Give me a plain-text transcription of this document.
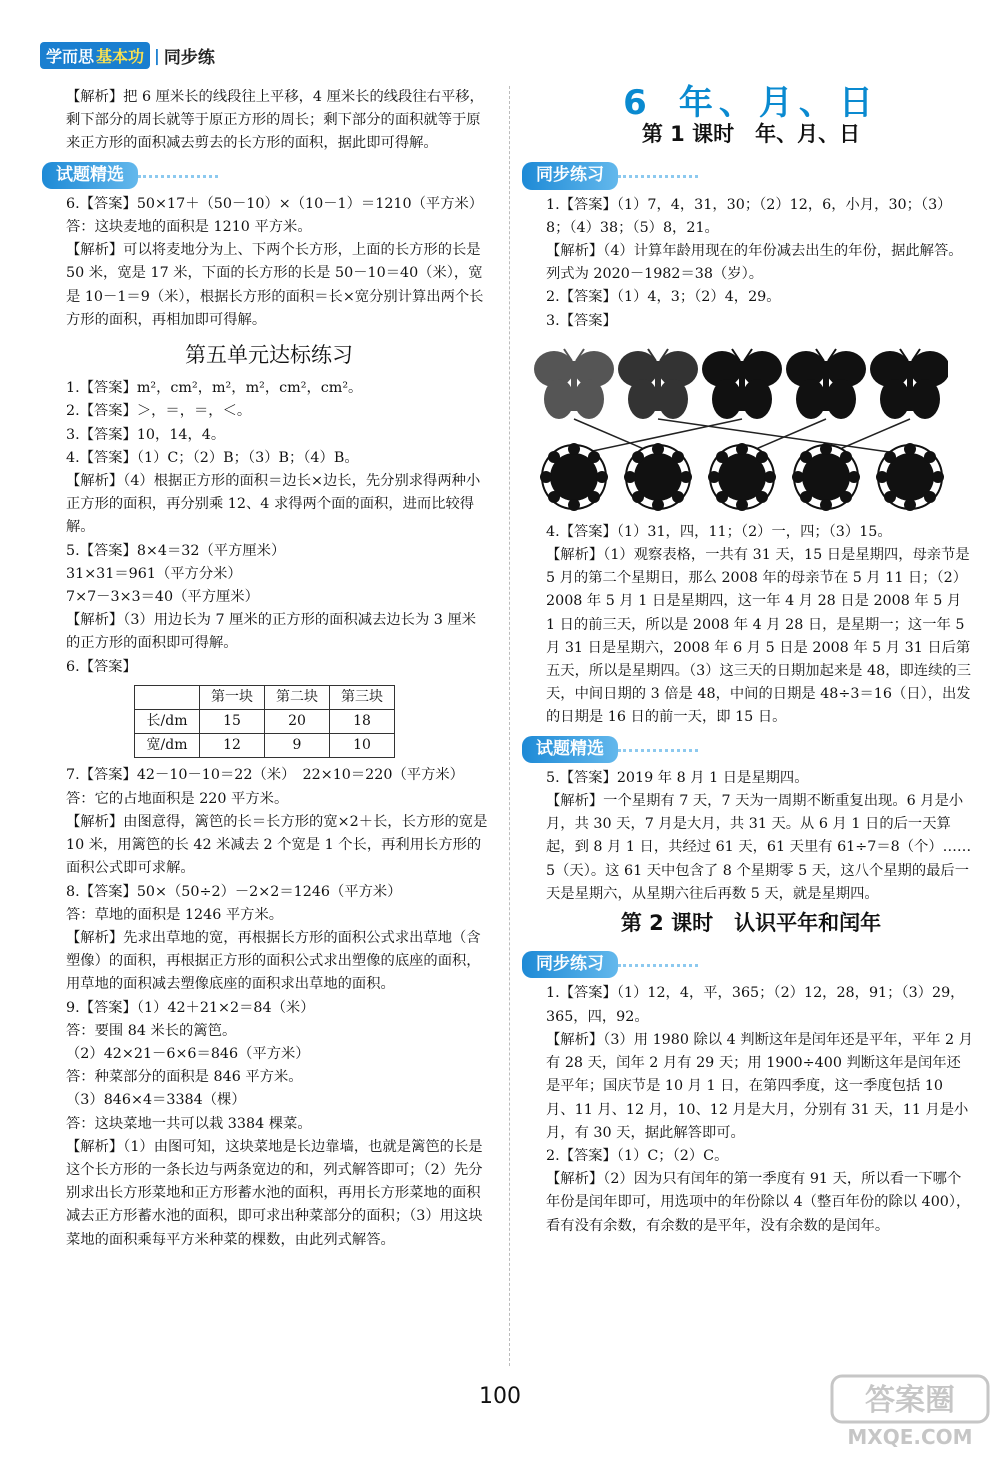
学而思 基本功 | 同步练

【解析】把 6 厘米长的线段往上平移，4 厘米长的线段往右平移，剩下部分的周长就等于原正方形的周长；剩下部分的面积就等于原来正方形的面积减去剪去的长方形的面积，据此即可得解。

试题精选

6.【答案】50×17＋（50－10）×（10－1）＝1210（平方米）

答：这块麦地的面积是 1210 平方米。

【解析】可以将麦地分为上、下两个长方形，上面的长方形的长是 50 米，宽是 17 米，下面的长方形的长是 50－10＝40（米），宽是 10－1＝9（米），根据长方形的面积＝长×宽分别计算出两个长方形的面积，再相加即可得解。

第五单元达标练习

1.【答案】m²，cm²，m²，m²，cm²，cm²。

2.【答案】＞，＝，＝，＜。

3.【答案】10，14，4。

4.【答案】（1）C；（2）B；（3）B；（4）B。

【解析】（4）根据正方形的面积＝边长×边长，先分别求得两种小正方形的面积，再分别乘 12、4 求得两个面的面积，进而比较得解。

5.【答案】8×4＝32（平方厘米）

31×31＝961（平方分米）

7×7－3×3＝40（平方厘米）

【解析】（3）用边长为 7 厘米的正方形的面积减去边长为 3 厘米的正方形的面积即可得解。

6.【答案】

	第一块	第二块	第三块
长/dm	15	20	18
宽/dm	12	9	10

7.【答案】42－10－10＝22（米）　22×10＝220（平方米）

答：它的占地面积是 220 平方米。

【解析】由图意得，篱笆的长＝长方形的宽×2＋长，长方形的宽是 10 米，用篱笆的长 42 米减去 2 个宽是 1 个长，再利用长方形的面积公式即可求解。

8.【答案】50×（50÷2）－2×2＝1246（平方米）

答：草地的面积是 1246 平方米。

【解析】先求出草地的宽，再根据长方形的面积公式求出草地（含塑像）的面积，再根据正方形的面积公式求出塑像的底座的面积，用草地的面积减去塑像底座的面积求出草地的面积。

9.【答案】（1）42＋21×2＝84（米）

答：要围 84 米长的篱笆。

（2）42×21－6×6＝846（平方米）

答：种菜部分的面积是 846 平方米。

（3）846×4＝3384（棵）

答：这块菜地一共可以栽 3384 棵菜。

【解析】（1）由图可知，这块菜地是长边靠墙，也就是篱笆的长是这个长方形的一条长边与两条宽边的和，列式解答即可；（2）先分别求出长方形菜地和正方形蓄水池的面积，再用长方形菜地的面积减去正方形蓄水池的面积，即可求出种菜部分的面积；（3）用这块菜地的面积乘每平方米种菜的棵数，由此列式解答。

6 年、月、日
第 1 课时　年、月、日
同步练习

1.【答案】（1）7，4，31，30；（2）12，6，小月，30；（3）8；（4）38；（5）8，21。

【解析】（4）计算年龄用现在的年份减去出生的年份，据此解答。列式为 2020－1982＝38（岁）。

2.【答案】（1）4，3；（2）4，29。

3.【答案】

4.【答案】（1）31，四，11；（2）一，四；（3）15。

【解析】（1）观察表格，一共有 31 天，15 日是星期四，母亲节是 5 月的第二个星期日，那么 2008 年的母亲节在 5 月 11 日；（2）2008 年 5 月 1 日是星期四，这一年 4 月 28 日是 2008 年 5 月 1 日的前三天，所以是 2008 年 4 月 28 日，是星期一；这一年 5 月 31 日是星期六，2008 年 6 月 5 日是 2008 年 5 月 31 日后第五天，所以是星期四。（3）这三天的日期加起来是 48，即连续的三天，中间日期的 3 倍是 48，中间的日期是 48÷3＝16（日），出发的日期是 16 日的前一天，即 15 日。

试题精选

5.【答案】2019 年 8 月 1 日是星期四。

【解析】一个星期有 7 天，7 天为一周期不断重复出现。6 月是小月，共 30 天，7 月是大月，共 31 天。从 6 月 1 日的后一天算起，到 8 月 1 日，共经过 61 天，61 天里有 61÷7＝8（个）……5（天）。这 61 天中包含了 8 个星期零 5 天，这八个星期的最后一天是星期六，从星期六往后再数 5 天，就是星期四。

第 2 课时　认识平年和闰年
同步练习

1.【答案】（1）12，4，平，365；（2）12，28，91；（3）29，365，四，92。

【解析】（3）用 1980 除以 4 判断这年是闰年还是平年，平年 2 月有 28 天，闰年 2 月有 29 天；用 1900÷400 判断这年是闰年还是平年；国庆节是 10 月 1 日，在第四季度，这一季度包括 10 月、11 月、12 月，10、12 月是大月，分别有 31 天，11 月是小月，有 30 天，据此解答即可。

2.【答案】（1）C；（2）C。

【解析】（2）因为只有闰年的第一季度有 91 天，所以看一下哪个年份是闰年即可，用选项中的年份除以 4（整百年份的除以 400），看有没有余数，有余数的是平年，没有余数的是闰年。

100	答案圈
MXQE.COM
